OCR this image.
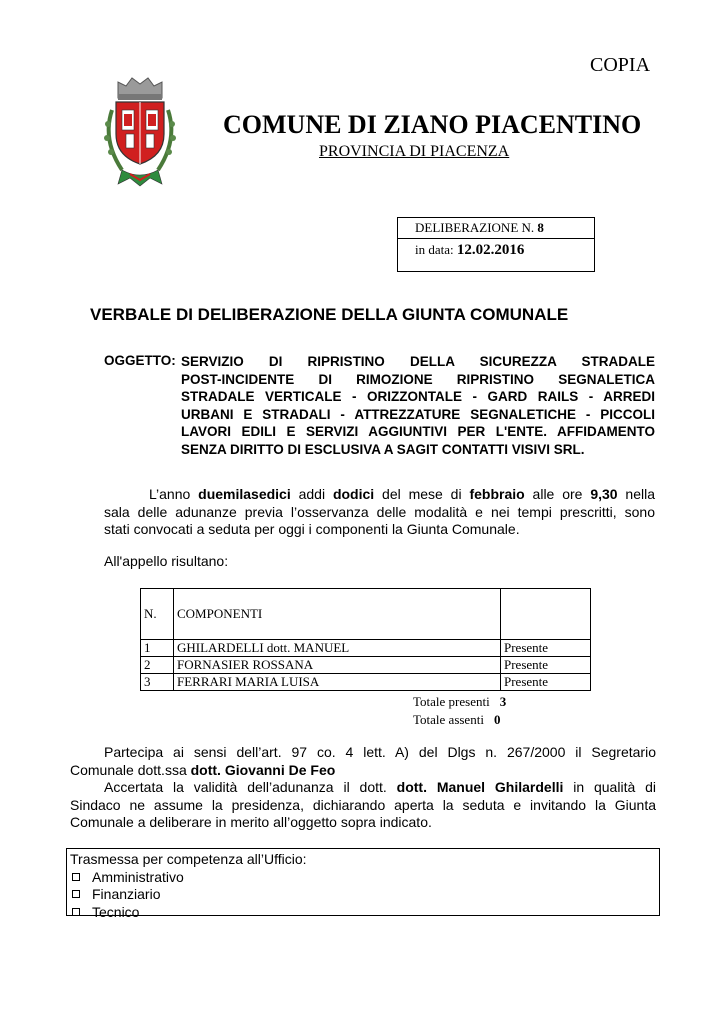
COPIA
COMUNE DI ZIANO PIACENTINO
PROVINCIA DI PIACENZA
DELIBERAZIONE N. 8
in data: 12.02.2016
VERBALE DI DELIBERAZIONE DELLA GIUNTA COMUNALE
OGGETTO: SERVIZIO DI RIPRISTINO DELLA SICUREZZA STRADALE
POST-INCIDENTE DI RIMOZIONE RIPRISTINO SEGNALETICA
STRADALE VERTICALE - ORIZZONTALE - GARD RAILS - ARREDI
URBANI E STRADALI - ATTREZZATURE SEGNALETICHE - PICCOLI
LAVORI EDILI E SERVIZI AGGIUNTIVI PER L'ENTE. AFFIDAMENTO
SENZA DIRITTO DI ESCLUSIVA A SAGIT CONTATTI VISIVI SRL.
L’anno duemilasedici addi dodici del mese di febbraio alle ore 9,30 nella
sala delle adunanze previa l’osservanza delle modalità e nei tempi prescritti, sono
stati convocati a seduta per oggi i componenti la Giunta Comunale.
All'appello risultano:
N.	COMPONENTI	
1	GHILARDELLI dott. MANUEL	Presente
2	FORNASIER ROSSANA	Presente
3	FERRARI MARIA LUISA	Presente
Totale presenti 3
Totale assenti 0
Partecipa ai sensi dell’art. 97 co. 4 lett. A) del Dlgs n. 267/2000 il Segretario
Comunale dott.ssa dott. Giovanni De Feo
Accertata la validità dell’adunanza il dott. dott. Manuel Ghilardelli in qualità di
Sindaco ne assume la presidenza, dichiarando aperta la seduta e invitando la Giunta
Comunale a deliberare in merito all’oggetto sopra indicato.
Trasmessa per competenza all’Ufficio:
Amministrativo
Finanziario
Tecnico
